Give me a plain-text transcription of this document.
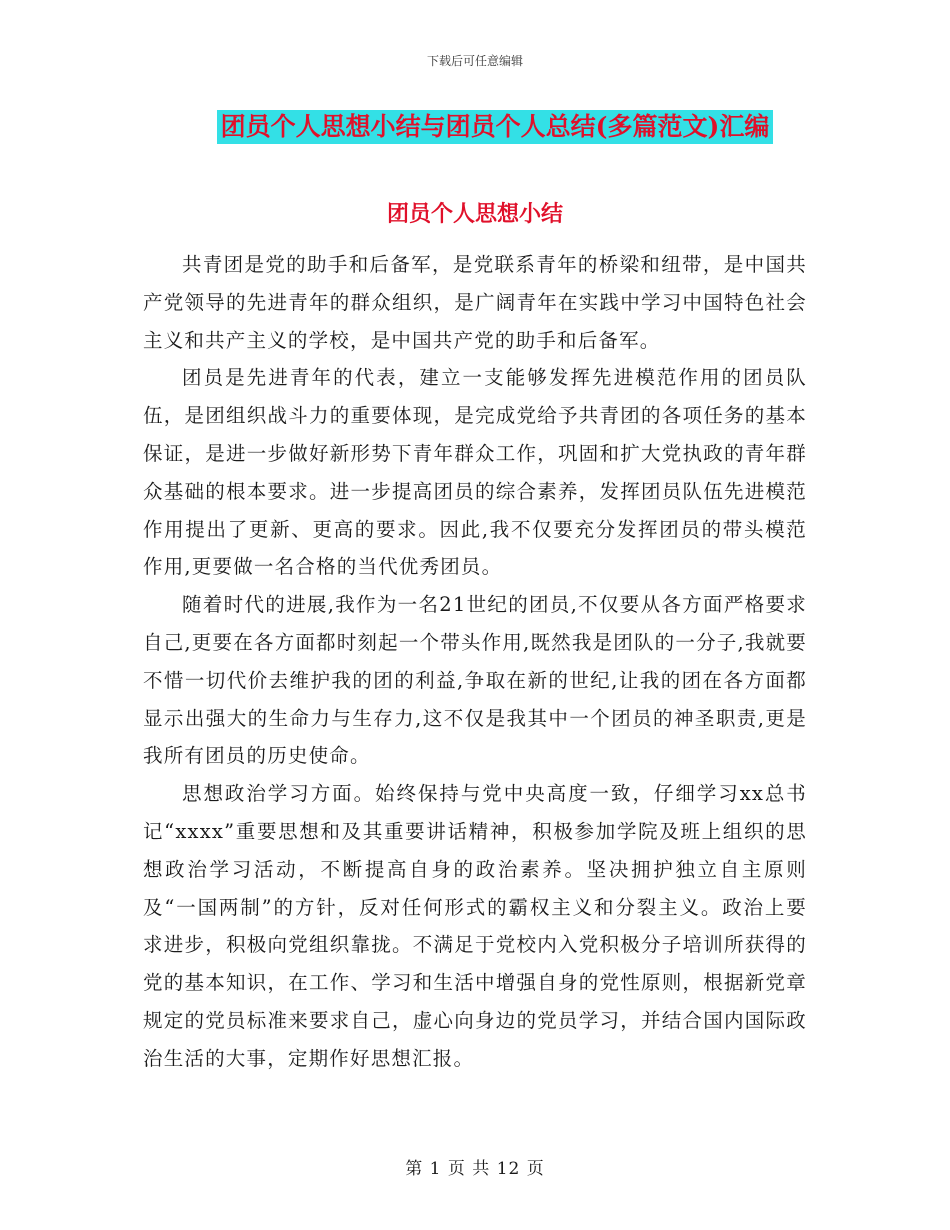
下载后可任意编辑
团员个人思想小结与团员个人总结(多篇范文)汇编
团员个人思想小结

共青团是党的助手和后备军，是党联系青年的桥梁和纽带，是中国共产党领导的先进青年的群众组织，是广阔青年在实践中学习中国特色社会主义和共产主义的学校，是中国共产党的助手和后备军。

团员是先进青年的代表，建立一支能够发挥先进模范作用的团员队伍，是团组织战斗力的重要体现，是完成党给予共青团的各项任务的基本保证，是进一步做好新形势下青年群众工作，巩固和扩大党执政的青年群众基础的根本要求。进一步提高团员的综合素养，发挥团员队伍先进模范作用提出了更新、更高的要求。因此,我不仅要充分发挥团员的带头模范作用,更要做一名合格的当代优秀团员。

随着时代的进展,我作为一名21世纪的团员,不仅要从各方面严格要求自己,更要在各方面都时刻起一个带头作用,既然我是团队的一分子,我就要不惜一切代价去维护我的团的利益,争取在新的世纪,让我的团在各方面都显示出强大的生命力与生存力,这不仅是我其中一个团员的神圣职责,更是我所有团员的历史使命。

思想政治学习方面。始终保持与党中央高度一致，仔细学习xx总书记“xxxx”重要思想和及其重要讲话精神，积极参加学院及班上组织的思想政治学习活动，不断提高自身的政治素养。坚决拥护独立自主原则及“一国两制”的方针，反对任何形式的霸权主义和分裂主义。政治上要求进步，积极向党组织靠拢。不满足于党校内入党积极分子培训所获得的党的基本知识，在工作、学习和生活中增强自身的党性原则，根据新党章规定的党员标准来要求自己，虚心向身边的党员学习，并结合国内国际政治生活的大事，定期作好思想汇报。

第 1 页 共 12 页
